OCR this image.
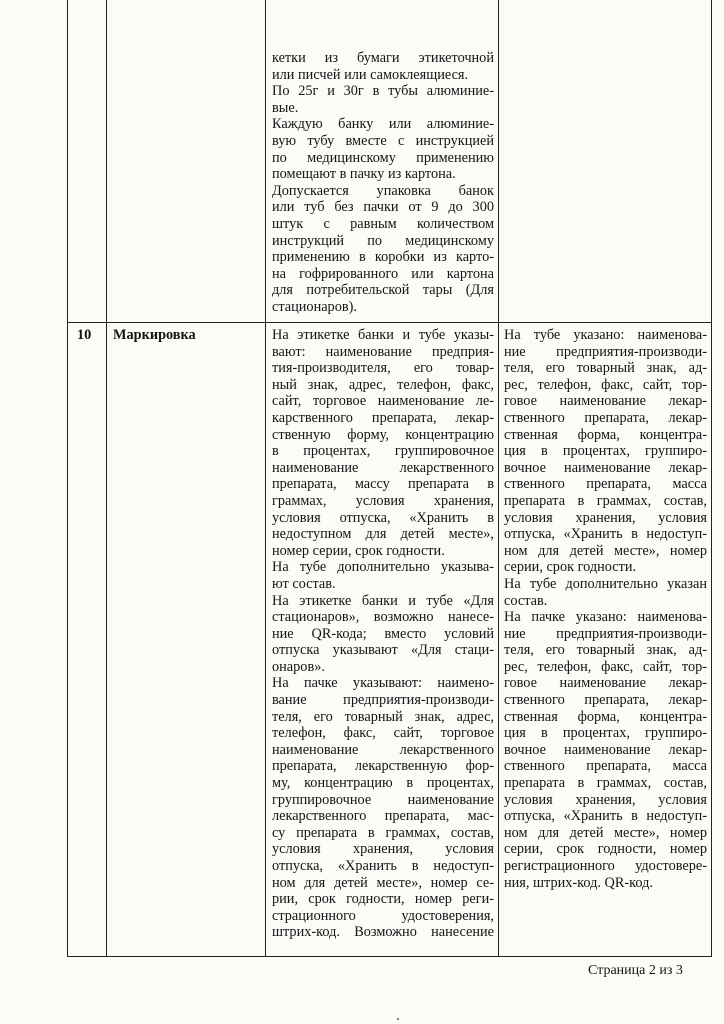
кетки из бумаги этикеточной
или писчей или самоклеящиеся.
По 25г и 30г в тубы алюминие-
вые.
Каждую банку или алюминие-
вую тубу вместе с инструкцией
по медицинскому применению
помещают в пачку из картона.
Допускается упаковка банок
или туб без пачки от 9 до 300
штук с равным количеством
инструкций по медицинскому
применению в коробки из карто-
на гофрированного или картона
для потребительской тары (Для
стационаров).
10	Маркировка	На этикетке банки и тубе указы-
вают: наименование предприя-
тия-производителя, его товар-
ный знак, адрес, телефон, факс,
сайт, торговое наименование ле-
карственного препарата, лекар-
ственную форму, концентрацию
в процентах, группировочное
наименование лекарственного
препарата, массу препарата в
граммах, условия хранения,
условия отпуска, «Хранить в
недоступном для детей месте»,
номер серии, срок годности.
На тубе дополнительно указыва-
ют состав.
На этикетке банки и тубе «Для
стационаров», возможно нанесе-
ние QR-кода; вместо условий
отпуска указывают «Для стаци-
онаров».
На пачке указывают: наимено-
вание предприятия-производи-
теля, его товарный знак, адрес,
телефон, факс, сайт, торговое
наименование лекарственного
препарата, лекарственную фор-
му, концентрацию в процентах,
группировочное наименование
лекарственного препарата, мас-
су препарата в граммах, состав,
условия хранения, условия
отпуска, «Хранить в недоступ-
ном для детей месте», номер се-
рии, срок годности, номер реги-
страционного удостоверения,
штрих-код. Возможно нанесение
На тубе указано: наименова-
ние предприятия-производи-
теля, его товарный знак, ад-
рес, телефон, факс, сайт, тор-
говое наименование лекар-
ственного препарата, лекар-
ственная форма, концентра-
ция в процентах, группиро-
вочное наименование лекар-
ственного препарата, масса
препарата в граммах, состав,
условия хранения, условия
отпуска, «Хранить в недоступ-
ном для детей месте», номер
серии, срок годности.
На тубе дополнительно указан
состав.
На пачке указано: наименова-
ние предприятия-производи-
теля, его товарный знак, ад-
рес, телефон, факс, сайт, тор-
говое наименование лекар-
ственного препарата, лекар-
ственная форма, концентра-
ция в процентах, группиро-
вочное наименование лекар-
ственного препарата, масса
препарата в граммах, состав,
условия хранения, условия
отпуска, «Хранить в недоступ-
ном для детей месте», номер
серии, срок годности, номер
регистрационного удостовере-
ния, штрих-код. QR-код.
Страница 2 из 3
